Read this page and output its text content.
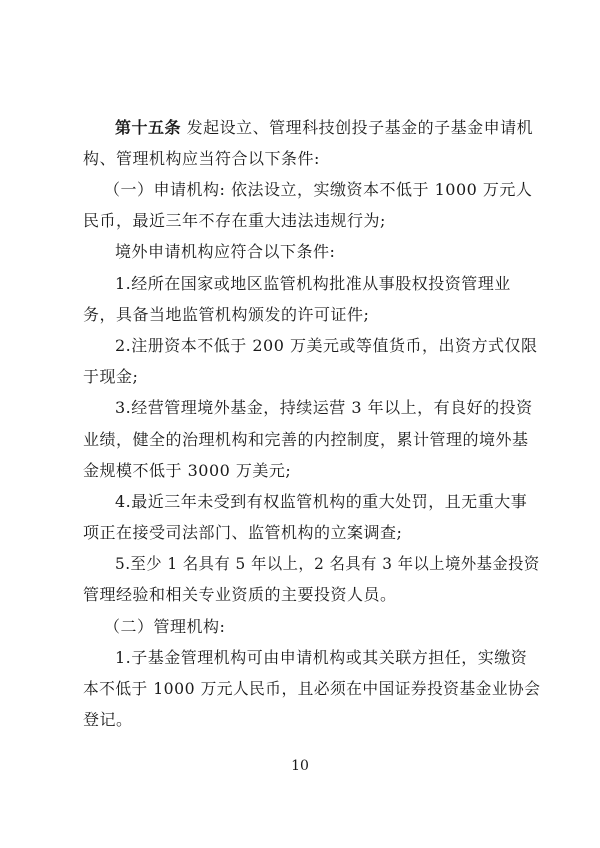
第十五条 发起设立、管理科技创投子基金的子基金申请机
构、管理机构应当符合以下条件:
（一）申请机构: 依法设立，实缴资本不低于 1000 万元人
民币，最近三年不存在重大违法违规行为;
境外申请机构应符合以下条件:
1.经所在国家或地区监管机构批准从事股权投资管理业
务，具备当地监管机构颁发的许可证件;
2.注册资本不低于 200 万美元或等值货币，出资方式仅限
于现金;
3.经营管理境外基金，持续运营 3 年以上，有良好的投资
业绩，健全的治理机构和完善的内控制度，累计管理的境外基
金规模不低于 3000 万美元;
4.最近三年未受到有权监管机构的重大处罚，且无重大事
项正在接受司法部门、监管机构的立案调查;
5.至少 1 名具有 5 年以上，2 名具有 3 年以上境外基金投资
管理经验和相关专业资质的主要投资人员。
（二）管理机构:
1.子基金管理机构可由申请机构或其关联方担任，实缴资
本不低于 1000 万元人民币，且必须在中国证券投资基金业协会
登记。
10
